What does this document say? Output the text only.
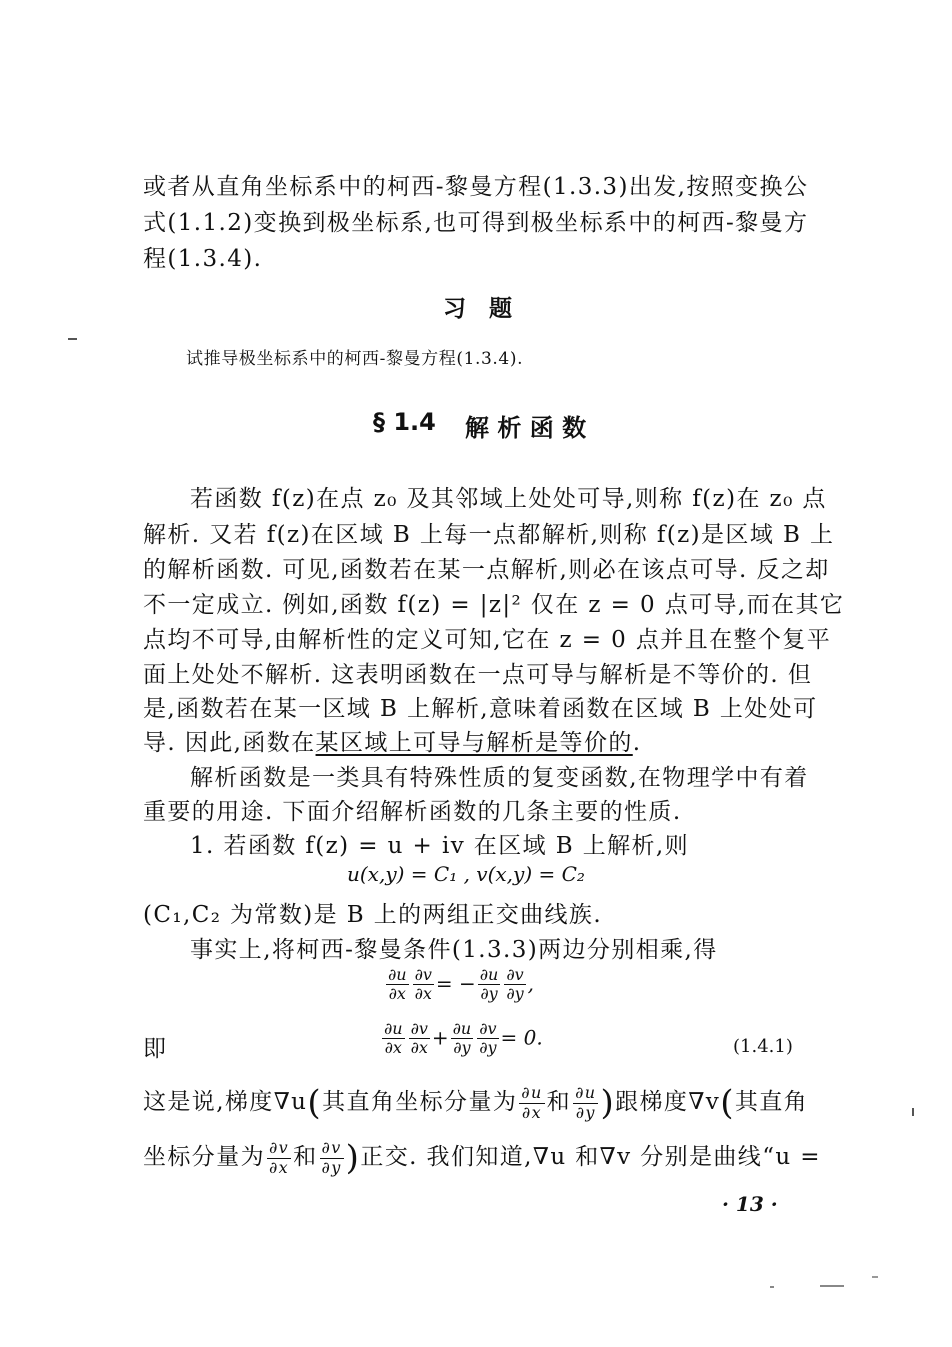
或者从直角坐标系中的柯西-黎曼方程(1.3.3)出发,按照变换公
式(1.1.2)变换到极坐标系,也可得到极坐标系中的柯西-黎曼方
程(1.3.4).
习　题
试推导极坐标系中的柯西-黎曼方程(1.3.4).
§ 1.4 解 析 函 数
若函数 f(z)在点 z₀ 及其邻域上处处可导,则称 f(z)在 z₀ 点
解析. 又若 f(z)在区域 B 上每一点都解析,则称 f(z)是区域 B 上
的解析函数. 可见,函数若在某一点解析,则必在该点可导. 反之却
不一定成立. 例如,函数 f(z) = |z|² 仅在 z = 0 点可导,而在其它
点均不可导,由解析性的定义可知,它在 z = 0 点并且在整个复平
面上处处不解析. 这表明函数在一点可导与解析是不等价的. 但
是,函数若在某一区域 B 上解析,意味着函数在区域 B 上处处可
导. 因此,函数在某区域上可导与解析是等价的.
解析函数是一类具有特殊性质的复变函数,在物理学中有着
重要的用途. 下面介绍解析函数的几条主要的性质.
1. 若函数 f(z) = u + iv 在区域 B 上解析,则
u(x,y) = C₁ , v(x,y) = C₂
(C₁,C₂ 为常数)是 B 上的两组正交曲线族.
事实上,将柯西-黎曼条件(1.3.3)两边分别相乘,得
$\frac{\partial u}{\partial x} \frac{\partial v}{\partial x}$ = − $\frac{\partial u}{\partial y} \frac{\partial v}{\partial y}$ ,
即	$\frac{\partial u}{\partial x} \frac{\partial v}{\partial x} + \frac{\partial u}{\partial y} \frac{\partial v}{\partial y} = 0$.	(1.4.1)
这是说,梯度∇u(其直角坐标分量为 $\frac{\partial u}{\partial x}$ 和 $\frac{\partial u}{\partial y}$ )跟梯度∇v(其直角
坐标分量为 $\frac{\partial v}{\partial x}$ 和 $\frac{\partial v}{\partial y}$ )正交. 我们知道,∇u 和∇v 分别是曲线“u =
· 13 ·
